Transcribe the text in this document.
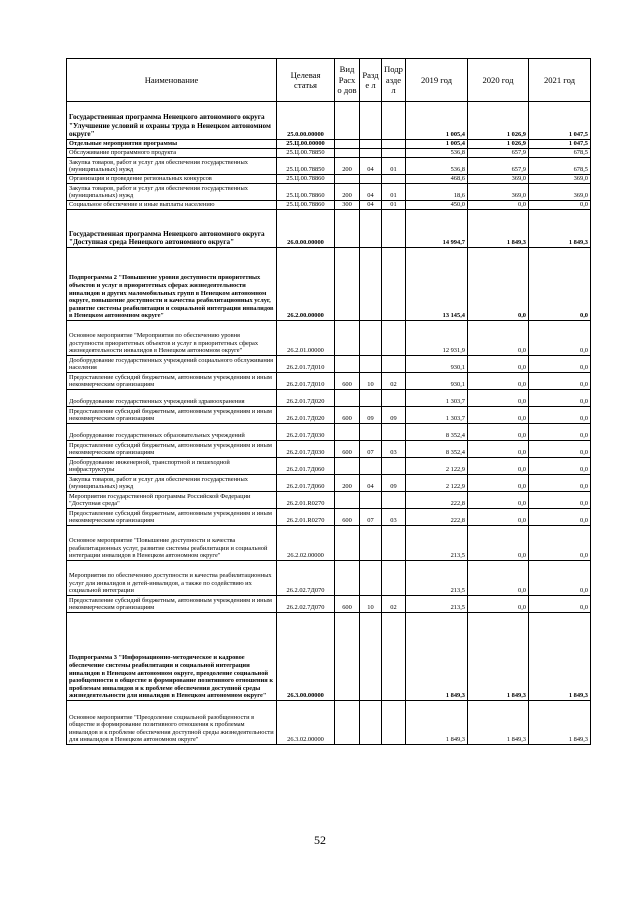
Наименование	Целевая статья	Вид Расхо дов	Разде л	Подр аздел	2019 год	2020 год	2021 год
Государственная программа Ненецкого автономного округа "Улучшение условий и охраны труда в Ненецком автономном округе"	25.0.00.00000				1 005,4	1 026,9	1 047,5
Отдельные мероприятия программы	25.Ц.00.00000				1 005,4	1 026,9	1 047,5
Обслуживание программного продукта	25.Ц.00.78850				536,8	657,9	678,5
Закупка товаров, работ и услуг для обеспечения государственных (муниципальных) нужд	25.Ц.00.78850	200	04	01	536,8	657,9	678,5
Организация и проведение региональных конкурсов	25.Ц.00.78860				468,6	369,0	369,0
Закупка товаров, работ и услуг для обеспечения государственных (муниципальных) нужд	25.Ц.00.78860	200	04	01	18,6	369,0	369,0
Социальное обеспечение и иные выплаты населению	25.Ц.00.78860	300	04	01	450,0	0,0	0,0
Государственная программа Ненецкого автономного округа "Доступная среда Ненецкого автономного округа"	26.0.00.00000				14 994,7	1 849,3	1 849,3
Подпрограмма 2 "Повышение уровня доступности приоритетных объектов и услуг в приоритетных сферах жизнедеятельности инвалидов и других маломобильных групп в Ненецком автономном округе, повышение доступности и качества реабилитационных услуг, развитие системы реабилитации и социальной интеграции инвалидов в Ненецком автономном округе"	26.2.00.00000				13 145,4	0,0	0,0
Основное мероприятие "Мероприятия по обеспечению уровня доступности приоритетных объектов и услуг в приоритетных сферах жизнедеятельности инвалидов в Ненецком автономном округе"	26.2.01.00000				12 931,9	0,0	0,0
Дооборудование государственных учреждений социального обслуживания населения	26.2.01.7Д010				930,1	0,0	0,0
Предоставление субсидий бюджетным, автономным учреждениям и иным некоммерческим организациям	26.2.01.7Д010	600	10	02	930,1	0,0	0,0
Дооборудование государственных учреждений здравоохранения	26.2.01.7Д020				1 303,7	0,0	0,0
Предоставление субсидий бюджетным, автономным учреждениям и иным некоммерческим организациям	26.2.01.7Д020	600	09	09	1 303,7	0,0	0,0
Дооборудование государственных образовательных учреждений	26.2.01.7Д030				8 352,4	0,0	0,0
Предоставление субсидий бюджетным, автономным учреждениям и иным некоммерческим организациям	26.2.01.7Д030	600	07	03	8 352,4	0,0	0,0
Дооборудование инженерной, транспортной и пешеходной инфраструктуры	26.2.01.7Д060				2 122,9	0,0	0,0
Закупка товаров, работ и услуг для обеспечения государственных (муниципальных) нужд	26.2.01.7Д060	200	04	09	2 122,9	0,0	0,0
Мероприятия государственной программы Российской Федерации "Доступная среда"	26.2.01.R0270				222,8	0,0	0,0
Предоставление субсидий бюджетным, автономным учреждениям и иным некоммерческим организациям	26.2.01.R0270	600	07	03	222,8	0,0	0,0
Основное мероприятие "Повышение доступности и качества реабилитационных услуг, развитие системы реабилитации и социальной интеграции инвалидов в Ненецком автономном округе"	26.2.02.00000				213,5	0,0	0,0
Мероприятия по обеспечению доступности и качества реабилитационных услуг для инвалидов и детей-инвалидов, а также по содействию их социальной интеграции	26.2.02.7Д070				213,5	0,0	0,0
Предоставление субсидий бюджетным, автономным учреждениям и иным некоммерческим организациям	26.2.02.7Д070	600	10	02	213,5	0,0	0,0
Подпрограмма 3 "Информационно-методическое и кадровое обеспечение системы реабилитации и социальной интеграции инвалидов в Ненецком автономном округе, преодоление социальной разобщенности в обществе и формирование позитивного отношения к проблемам инвалидов и к проблеме обеспечения доступной среды жизнедеятельности для инвалидов в Ненецком автономном округе"	26.3.00.00000				1 849,3	1 849,3	1 849,3
Основное мероприятие "Преодоление социальной разобщенности в обществе и формирование позитивного отношения к проблемам инвалидов и к проблеме обеспечения доступной среды жизнедеятельности для инвалидов в Ненецком автономном округе"	26.3.02.00000				1 849,3	1 849,3	1 849,3
52
